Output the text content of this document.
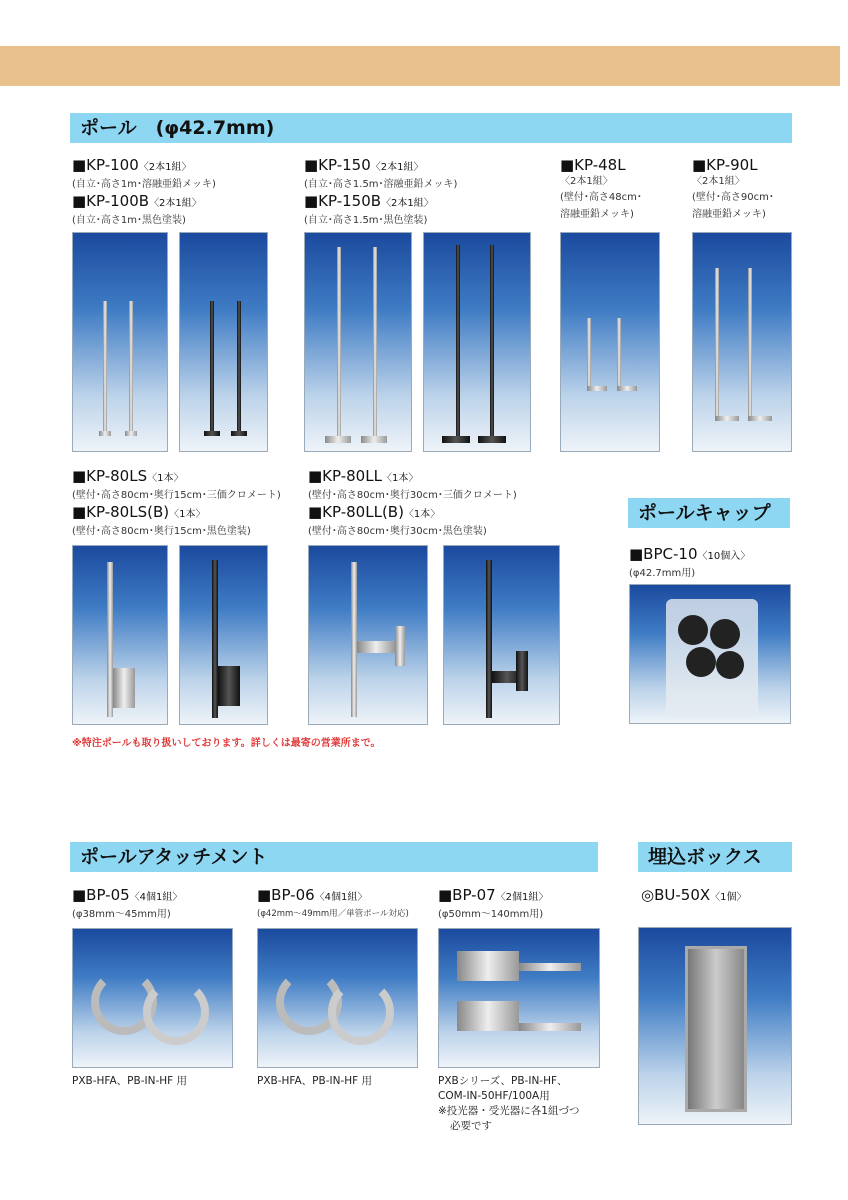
ポール　(φ42.7mm)
■KP-100〈2本1組〉
(自立･高さ1m･溶融亜鉛メッキ)
■KP-100B〈2本1組〉
(自立･高さ1m･黒色塗装)
■KP-150〈2本1組〉
(自立･高さ1.5m･溶融亜鉛メッキ)
■KP-150B〈2本1組〉
(自立･高さ1.5m･黒色塗装)
■KP-48L
〈2本1組〉
(壁付･高さ48cm･
溶融亜鉛メッキ)
■KP-90L
〈2本1組〉
(壁付･高さ90cm･
溶融亜鉛メッキ)
■KP-80LS〈1本〉
(壁付･高さ80cm･奥行15cm･三価クロメート)
■KP-80LS(B)〈1本〉
(壁付･高さ80cm･奥行15cm･黒色塗装)
■KP-80LL〈1本〉
(壁付･高さ80cm･奥行30cm･三価クロメート)
■KP-80LL(B)〈1本〉
(壁付･高さ80cm･奥行30cm･黒色塗装)
ポールキャップ
■BPC-10〈10個入〉
(φ42.7mm用)
※特注ポールも取り扱いしております。詳しくは最寄の営業所まで。
ポールアタッチメント	埋込ボックス
■BP-05〈4個1組〉
(φ38mm～45mm用)
■BP-06〈4個1組〉
(φ42mm～49mm用／単管ポール対応)
■BP-07〈2個1組〉
(φ50mm～140mm用)
◎BU-50X〈1個〉
PXB-HFA、PB-IN-HF 用	PXB-HFA、PB-IN-HF 用	PXBシリーズ、PB-IN-HF、
COM-IN-50HF/100A用
※投光器・受光器に各1組づつ
必要です
